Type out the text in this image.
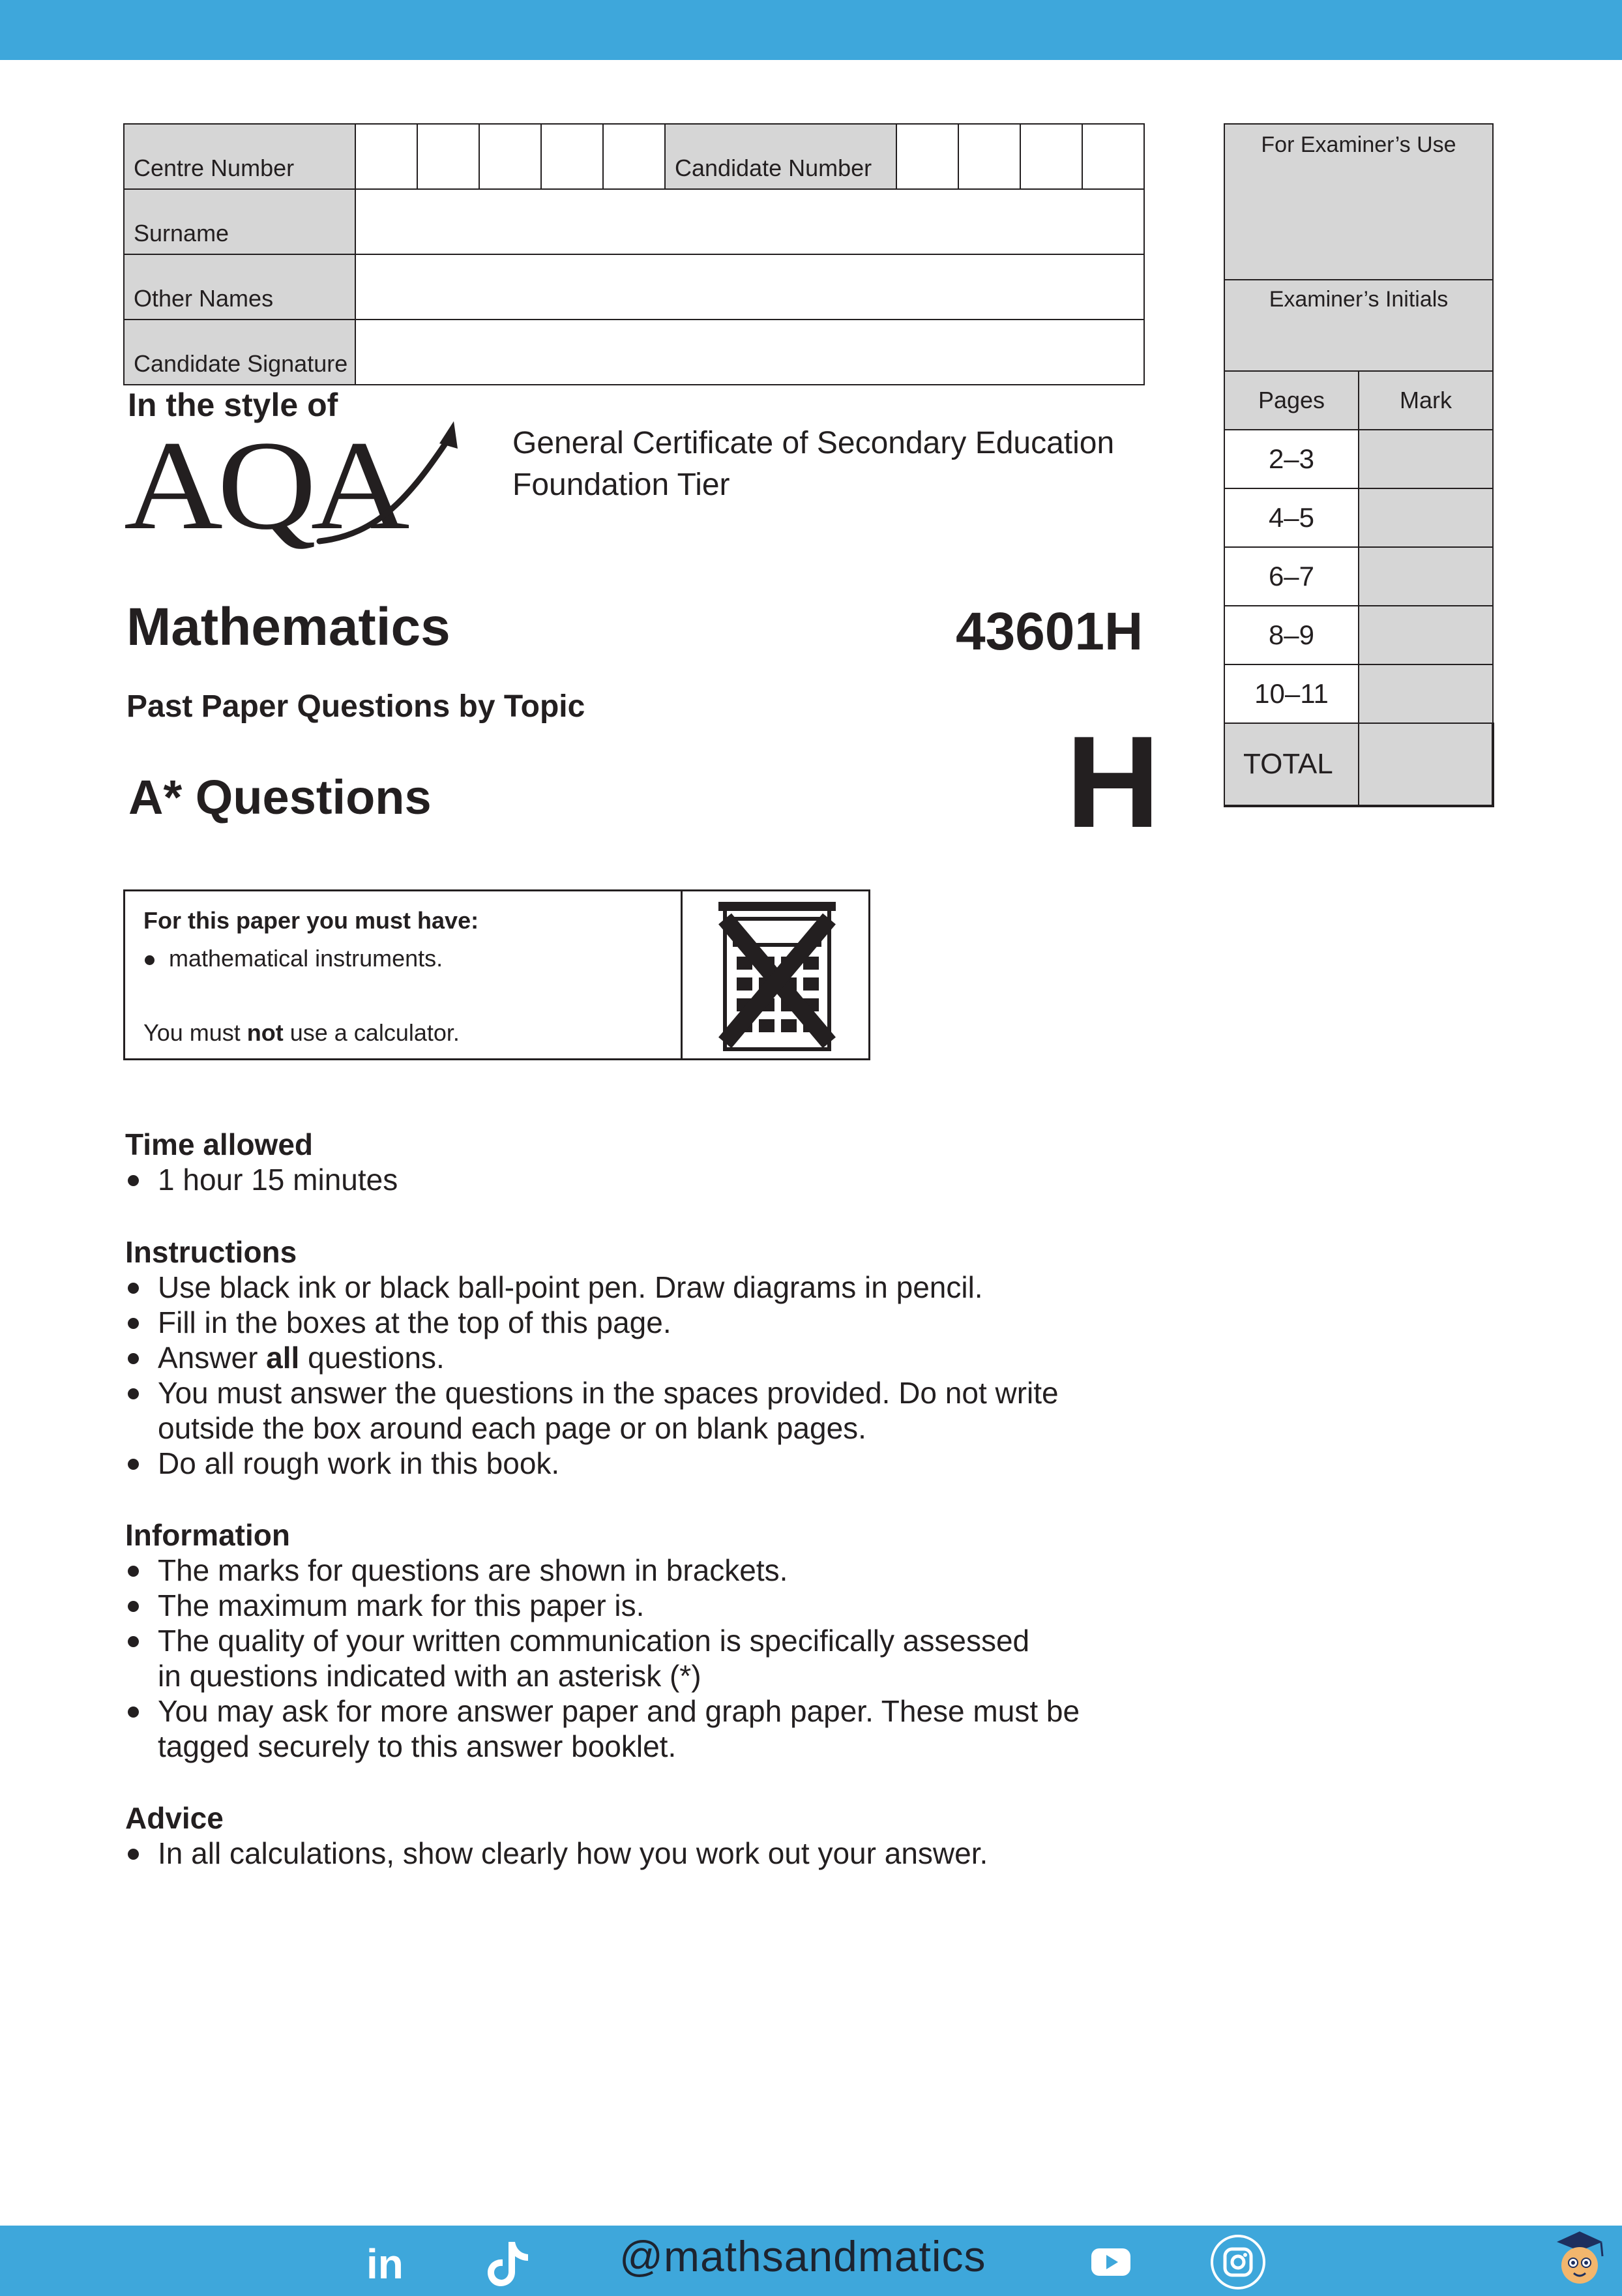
Centre Number						Candidate Number				
Surname										
Other Names										
Candidate Signature										
For Examiner’s Use	
Examiner’s Initials	
Pages	Mark
2–3	
4–5	
6–7	
8–9	
10–11	
TOTAL	
In the style of
AQA	General Certificate of Secondary Education
Foundation Tier
Mathematics	43601H
Past Paper Questions by Topic
H
A* Questions
For this paper you must have:
mathematical instruments.
You must not use a calculator.
Time allowed
1 hour 15 minutes
Instructions
Use black ink or black ball-point pen. Draw diagrams in pencil.
Fill in the boxes at the top of this page.
Answer all questions.
You must answer the questions in the spaces provided. Do not write
outside the box around each page or on blank pages.
Do all rough work in this book.
Information
The marks for questions are shown in brackets.
The maximum mark for this paper is.
The quality of your written communication is specifically assessed
in questions indicated with an asterisk (*)
You may ask for more answer paper and graph paper. These must be
tagged securely to this answer booklet.
Advice
In all calculations, show clearly how you work out your answer.
in	@mathsandmatics
